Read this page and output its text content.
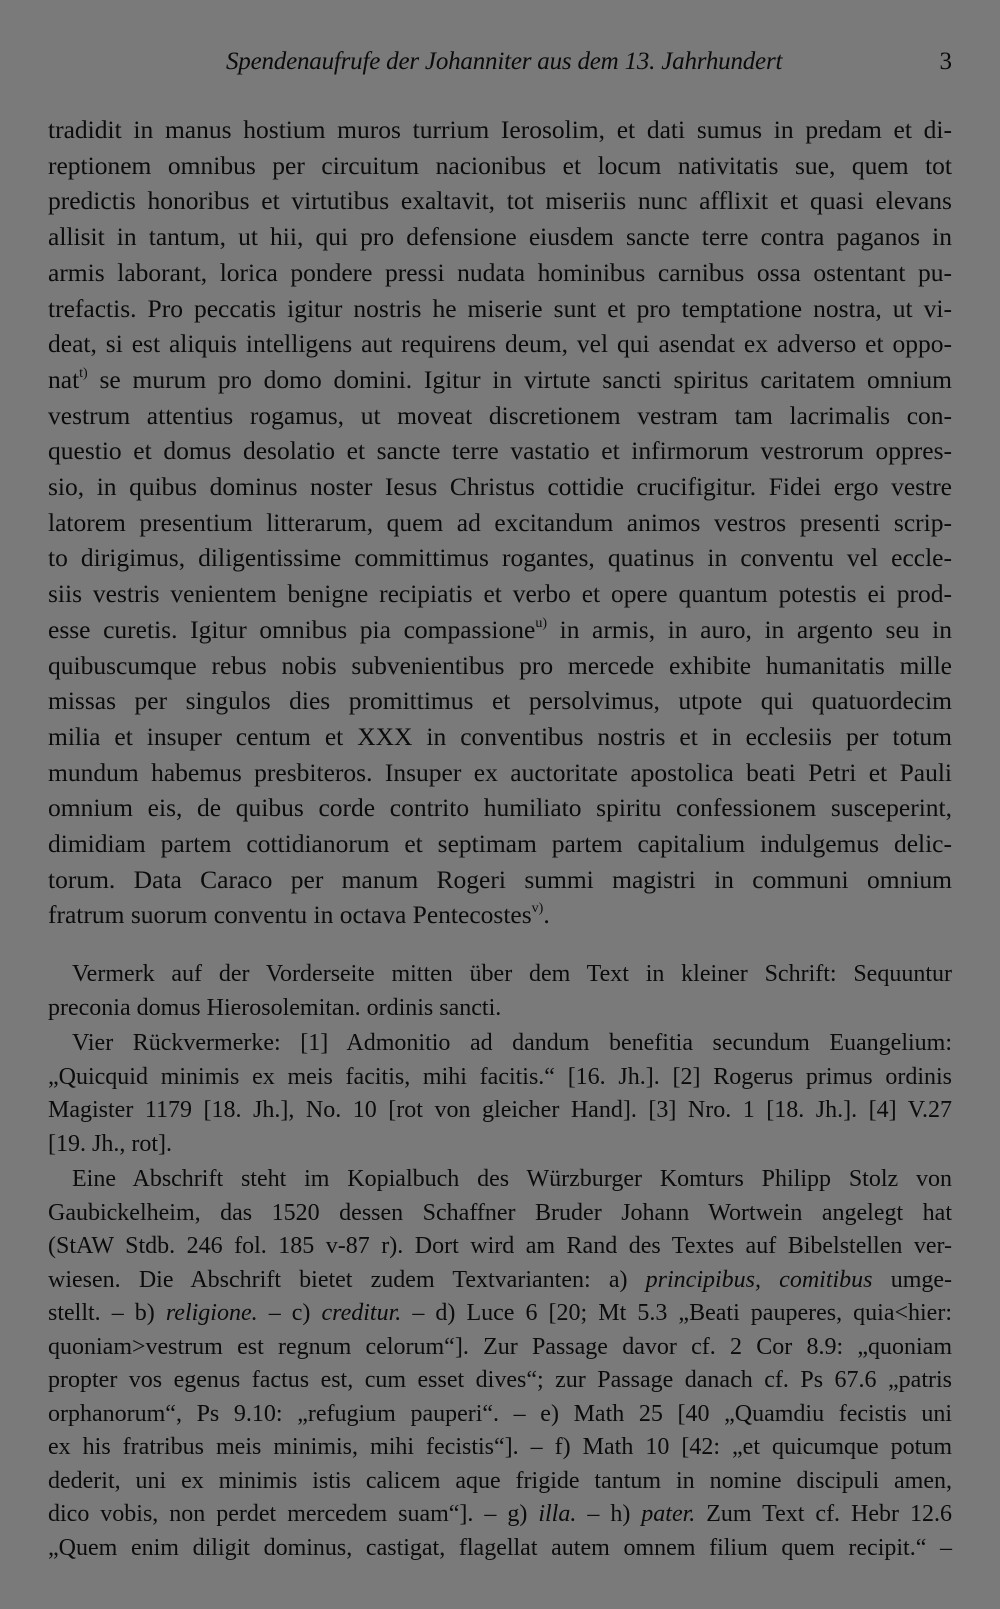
Spendenaufrufe der Johanniter aus dem 13. Jahrhundert	3
tradidit in manus hostium muros turrium Ierosolim, et dati sumus in predam et di-
reptionem omnibus per circuitum nacionibus et locum nativitatis sue, quem tot
predictis honoribus et virtutibus exaltavit, tot miseriis nunc afflixit et quasi elevans
allisit in tantum, ut hii, qui pro defensione eiusdem sancte terre contra paganos in
armis laborant, lorica pondere pressi nudata hominibus carnibus ossa ostentant pu-
trefactis. Pro peccatis igitur nostris he miserie sunt et pro temptatione nostra, ut vi-
deat, si est aliquis intelligens aut requirens deum, vel qui asendat ex adverso et oppo-
nat$^{t)}$ se murum pro domo domini. Igitur in virtute sancti spiritus caritatem omnium
vestrum attentius rogamus, ut moveat discretionem vestram tam lacrimalis con-
questio et domus desolatio et sancte terre vastatio et infirmorum vestrorum oppres-
sio, in quibus dominus noster Iesus Christus cottidie crucifigitur. Fidei ergo vestre
latorem presentium litterarum, quem ad excitandum animos vestros presenti scrip-
to dirigimus, diligentissime committimus rogantes, quatinus in conventu vel eccle-
siis vestris venientem benigne recipiatis et verbo et opere quantum potestis ei prod-
esse curetis. Igitur omnibus pia compassione$^{u)}$ in armis, in auro, in argento seu in
quibuscumque rebus nobis subvenientibus pro mercede exhibite humanitatis mille
missas per singulos dies promittimus et persolvimus, utpote qui quatuordecim
milia et insuper centum et XXX in conventibus nostris et in ecclesiis per totum
mundum habemus presbiteros. Insuper ex auctoritate apostolica beati Petri et Pauli
omnium eis, de quibus corde contrito humiliato spiritu confessionem susceperint,
dimidiam partem cottidianorum et septimam partem capitalium indulgemus delic-
torum. Data Caraco per manum Rogeri summi magistri in communi omnium
fratrum suorum conventu in octava Pentecostes$^{v)}$.
Vermerk auf der Vorderseite mitten über dem Text in kleiner Schrift: Sequuntur
preconia domus Hierosolemitan. ordinis sancti.
Vier Rückvermerke: [1] Admonitio ad dandum benefitia secundum Euangelium:
„Quicquid minimis ex meis facitis, mihi facitis.“ [16. Jh.]. [2] Rogerus primus ordinis
Magister 1179 [18. Jh.], No. 10 [rot von gleicher Hand]. [3] Nro. 1 [18. Jh.]. [4] V.27
[19. Jh., rot].
Eine Abschrift steht im Kopialbuch des Würzburger Komturs Philipp Stolz von
Gaubickelheim, das 1520 dessen Schaffner Bruder Johann Wortwein angelegt hat
(StAW Stdb. 246 fol. 185 v-87 r). Dort wird am Rand des Textes auf Bibelstellen ver-
wiesen. Die Abschrift bietet zudem Textvarianten: a) principibus, comitibus umge-
stellt. – b) religione. – c) creditur. – d) Luce 6 [20; Mt 5.3 „Beati pauperes, quia<hier:
quoniam>vestrum est regnum celorum“]. Zur Passage davor cf. 2 Cor 8.9: „quoniam
propter vos egenus factus est, cum esset dives“; zur Passage danach cf. Ps 67.6 „patris
orphanorum“, Ps 9.10: „refugium pauperi“. – e) Math 25 [40 „Quamdiu fecistis uni
ex his fratribus meis minimis, mihi fecistis“]. – f) Math 10 [42: „et quicumque potum
dederit, uni ex minimis istis calicem aque frigide tantum in nomine discipuli amen,
dico vobis, non perdet mercedem suam“]. – g) illa. – h) pater. Zum Text cf. Hebr 12.6
„Quem enim diligit dominus, castigat, flagellat autem omnem filium quem recipit.“ –
